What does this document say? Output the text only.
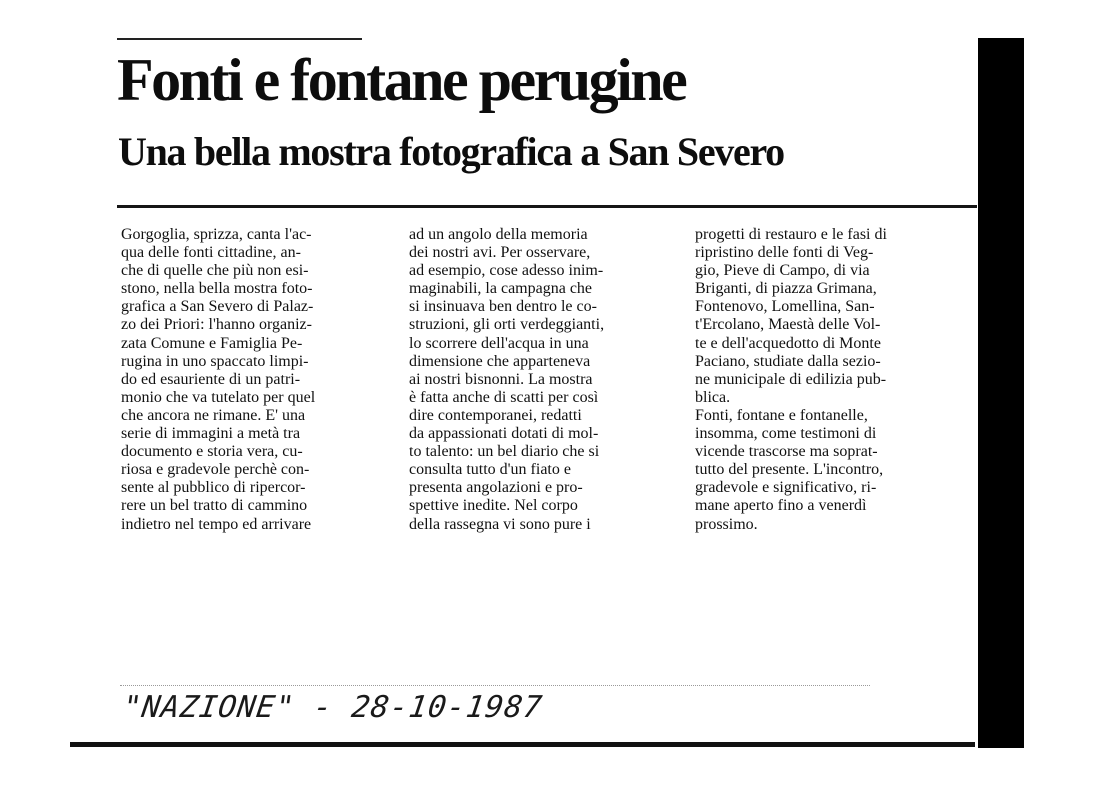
Fonti e fontane perugine
Una bella mostra fotografica a San Severo
Gorgoglia, sprizza, canta l'ac-
qua delle fonti cittadine, an-
che di quelle che più non esi-
stono, nella bella mostra foto-
grafica a San Severo di Palaz-
zo dei Priori: l'hanno organiz-
zata Comune e Famiglia Pe-
rugina in uno spaccato limpi-
do ed esauriente di un patri-
monio che va tutelato per quel
che ancora ne rimane. E' una
serie di immagini a metà tra
documento e storia vera, cu-
riosa e gradevole perchè con-
sente al pubblico di ripercor-
rere un bel tratto di cammino
indietro nel tempo ed arrivare
ad un angolo della memoria
dei nostri avi. Per osservare,
ad esempio, cose adesso inim-
maginabili, la campagna che
si insinuava ben dentro le co-
struzioni, gli orti verdeggianti,
lo scorrere dell'acqua in una
dimensione che apparteneva
ai nostri bisnonni. La mostra
è fatta anche di scatti per così
dire contemporanei, redatti
da appassionati dotati di mol-
to talento: un bel diario che si
consulta tutto d'un fiato e
presenta angolazioni e pro-
spettive inedite. Nel corpo
della rassegna vi sono pure i
progetti di restauro e le fasi di
ripristino delle fonti di Veg-
gio, Pieve di Campo, di via
Briganti, di piazza Grimana,
Fontenovo, Lomellina, San-
t'Ercolano, Maestà delle Vol-
te e dell'acquedotto di Monte
Paciano, studiate dalla sezio-
ne municipale di edilizia pub-
blica.
Fonti, fontane e fontanelle,
insomma, come testimoni di
vicende trascorse ma soprat-
tutto del presente. L'incontro,
gradevole e significativo, ri-
mane aperto fino a venerdì
prossimo.
"NAZIONE" - 28-10-1987
